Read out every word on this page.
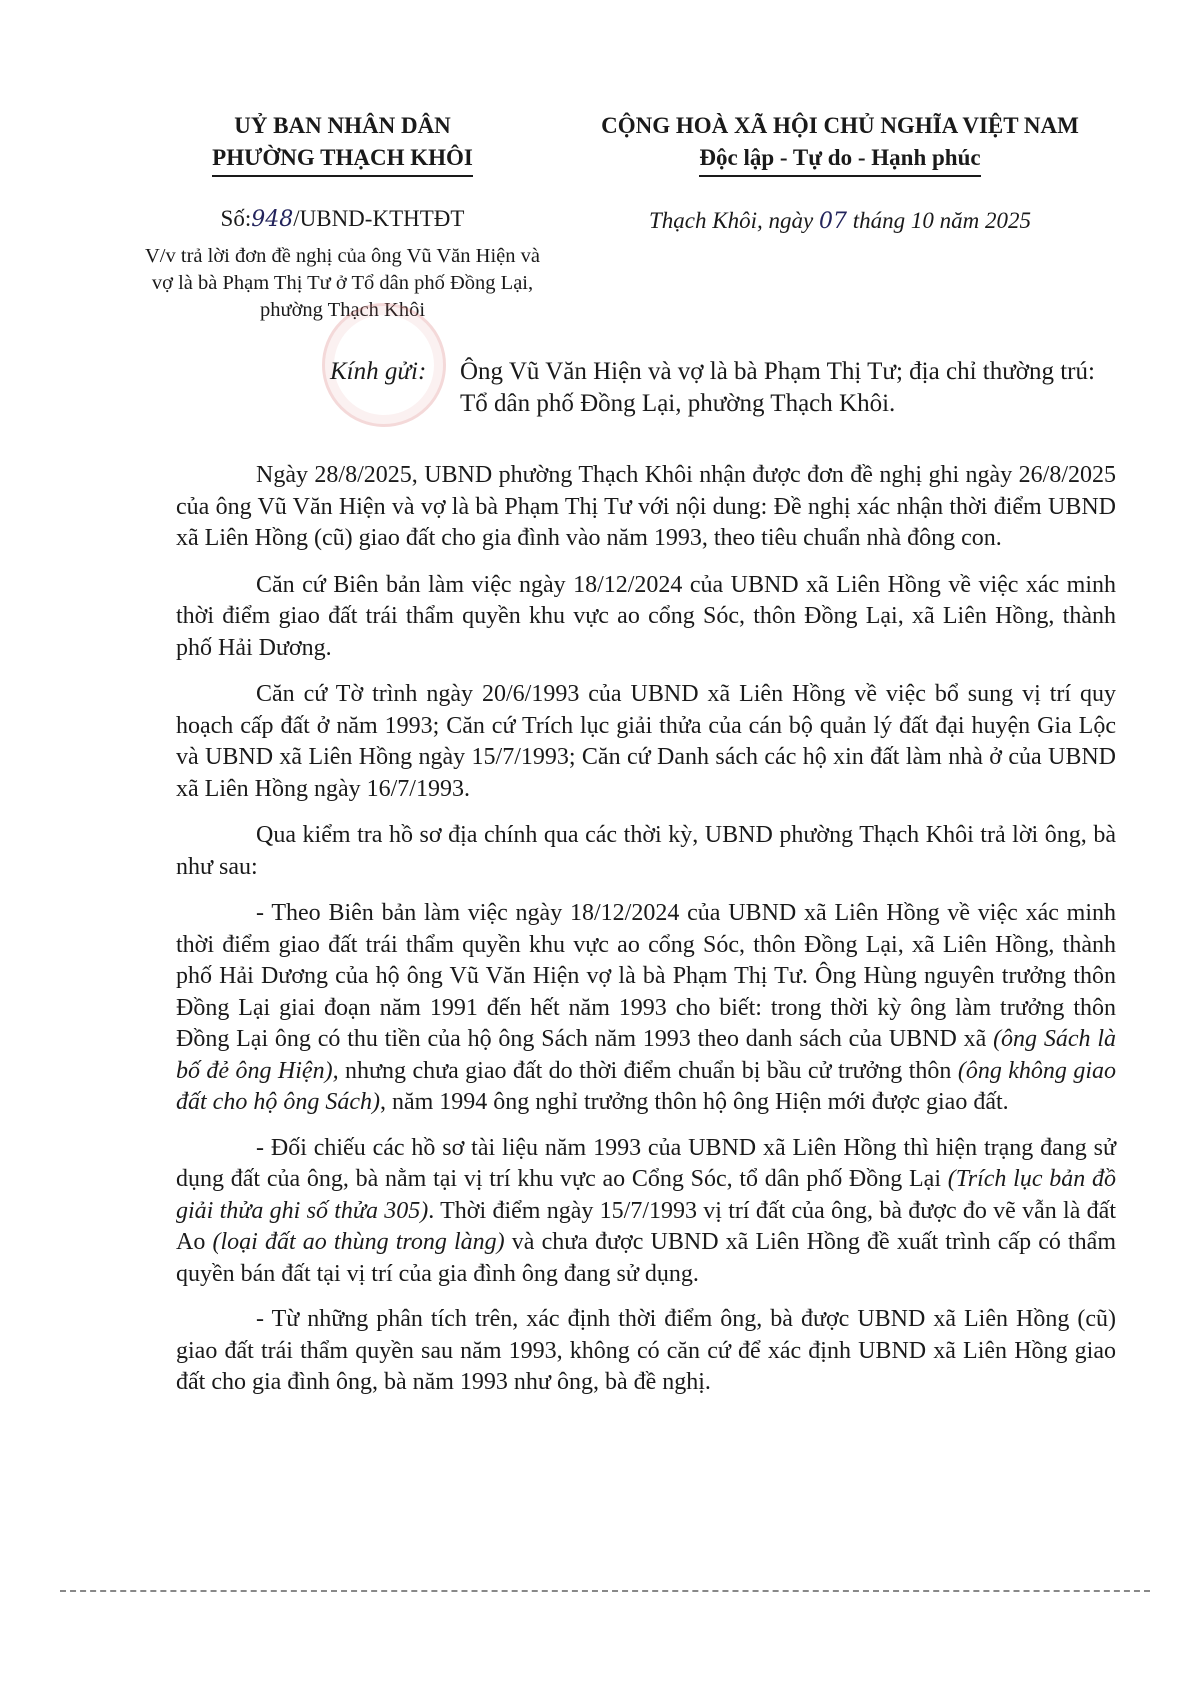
UỶ BAN NHÂN DÂN
PHƯỜNG THẠCH KHÔI
CỘNG HOÀ XÃ HỘI CHỦ NGHĨA VIỆT NAM
Độc lập - Tự do - Hạnh phúc
Số:948/UBND-KTHTĐT	Thạch Khôi, ngày 07 tháng 10 năm 2025
V/v trả lời đơn đề nghị của ông Vũ Văn Hiện và vợ là bà Phạm Thị Tư ở Tổ dân phố Đồng Lại, phường Thạch Khôi
Kính gửi: Ông Vũ Văn Hiện và vợ là bà Phạm Thị Tư; địa chỉ thường trú: Tổ dân phố Đồng Lại, phường Thạch Khôi.

Ngày 28/8/2025, UBND phường Thạch Khôi nhận được đơn đề nghị ghi ngày 26/8/2025 của ông Vũ Văn Hiện và vợ là bà Phạm Thị Tư với nội dung: Đề nghị xác nhận thời điểm UBND xã Liên Hồng (cũ) giao đất cho gia đình vào năm 1993, theo tiêu chuẩn nhà đông con.

Căn cứ Biên bản làm việc ngày 18/12/2024 của UBND xã Liên Hồng về việc xác minh thời điểm giao đất trái thẩm quyền khu vực ao cổng Sóc, thôn Đồng Lại, xã Liên Hồng, thành phố Hải Dương.

Căn cứ Tờ trình ngày 20/6/1993 của UBND xã Liên Hồng về việc bổ sung vị trí quy hoạch cấp đất ở năm 1993; Căn cứ Trích lục giải thửa của cán bộ quản lý đất đại huyện Gia Lộc và UBND xã Liên Hồng ngày 15/7/1993; Căn cứ Danh sách các hộ xin đất làm nhà ở của UBND xã Liên Hồng ngày 16/7/1993.

Qua kiểm tra hồ sơ địa chính qua các thời kỳ, UBND phường Thạch Khôi trả lời ông, bà như sau:

- Theo Biên bản làm việc ngày 18/12/2024 của UBND xã Liên Hồng về việc xác minh thời điểm giao đất trái thẩm quyền khu vực ao cổng Sóc, thôn Đồng Lại, xã Liên Hồng, thành phố Hải Dương của hộ ông Vũ Văn Hiện vợ là bà Phạm Thị Tư. Ông Hùng nguyên trưởng thôn Đồng Lại giai đoạn năm 1991 đến hết năm 1993 cho biết: trong thời kỳ ông làm trưởng thôn Đồng Lại ông có thu tiền của hộ ông Sách năm 1993 theo danh sách của UBND xã (ông Sách là bố đẻ ông Hiện), nhưng chưa giao đất do thời điểm chuẩn bị bầu cử trưởng thôn (ông không giao đất cho hộ ông Sách), năm 1994 ông nghỉ trưởng thôn hộ ông Hiện mới được giao đất.

- Đối chiếu các hồ sơ tài liệu năm 1993 của UBND xã Liên Hồng thì hiện trạng đang sử dụng đất của ông, bà nằm tại vị trí khu vực ao Cổng Sóc, tổ dân phố Đồng Lại (Trích lục bản đồ giải thửa ghi số thửa 305). Thời điểm ngày 15/7/1993 vị trí đất của ông, bà được đo vẽ vẫn là đất Ao (loại đất ao thùng trong làng) và chưa được UBND xã Liên Hồng đề xuất trình cấp có thẩm quyền bán đất tại vị trí của gia đình ông đang sử dụng.

- Từ những phân tích trên, xác định thời điểm ông, bà được UBND xã Liên Hồng (cũ) giao đất trái thẩm quyền sau năm 1993, không có căn cứ để xác định UBND xã Liên Hồng giao đất cho gia đình ông, bà năm 1993 như ông, bà đề nghị.
